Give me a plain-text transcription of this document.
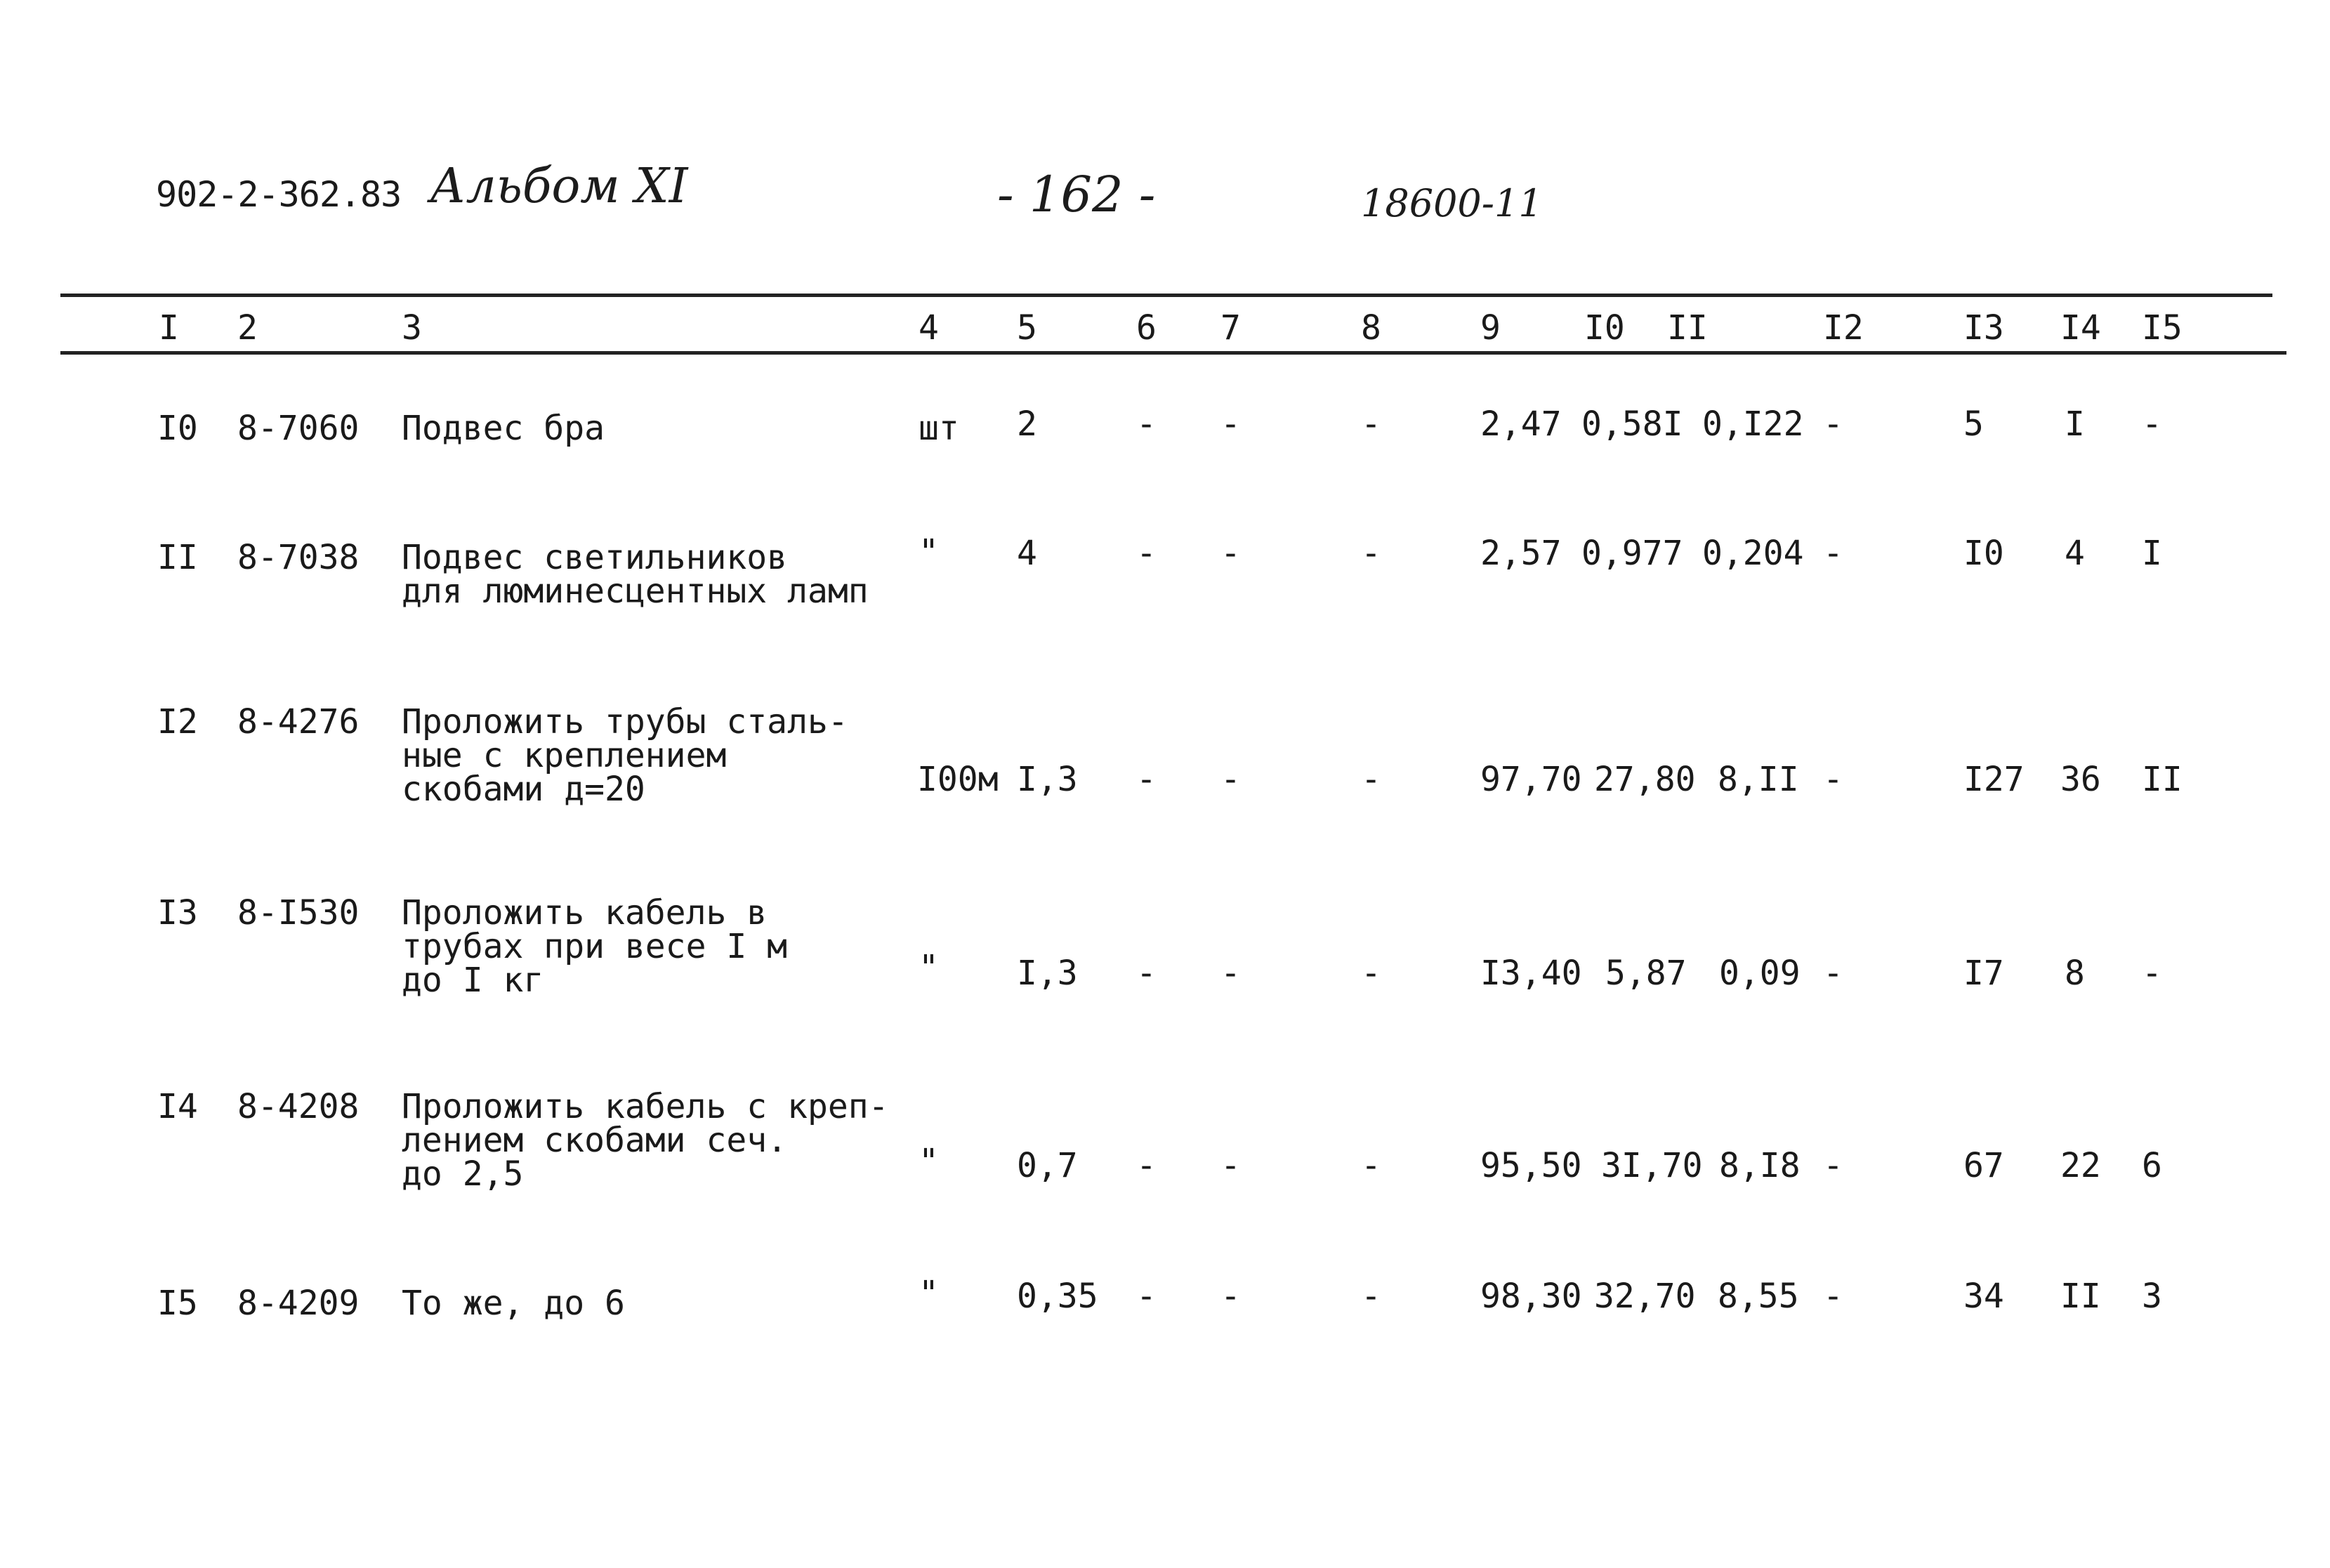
902-2-362.83 Альбом XI	- 162 -	18600-11
I 2	3	4 5	6 7	8	9 I0 II	I2	I3 I4 I5
I0 8-7060 Подвес бра	шт 2	- -	-	2,47 0,58I 0,I22 -	5 I -
II 8-7038 Подвес светильников
для люминесцентных ламп
" 4	- -	-	2,57 0,977 0,204 -	I0 4 I
I2 8-4276 Проложить трубы сталь-
ные с креплением
скобами д=20	I00м I,3 - -	-	97,70 27,80 8,II -	I27 36 II
I3 8-I530 Проложить кабель в
трубах при весе I м
до I кг	" I,3 - -	-	I3,40 5,87 0,09 -	I7 8 -
I4 8-4208 Проложить кабель с креп-
лением скобами сеч.
до 2,5	" 0,7 - -	-	95,50 3I,70 8,I8 -	67 22 6
I5 8-4209 То же, до 6	" 0,35 - -	-	98,30 32,70 8,55 -	34 II 3
